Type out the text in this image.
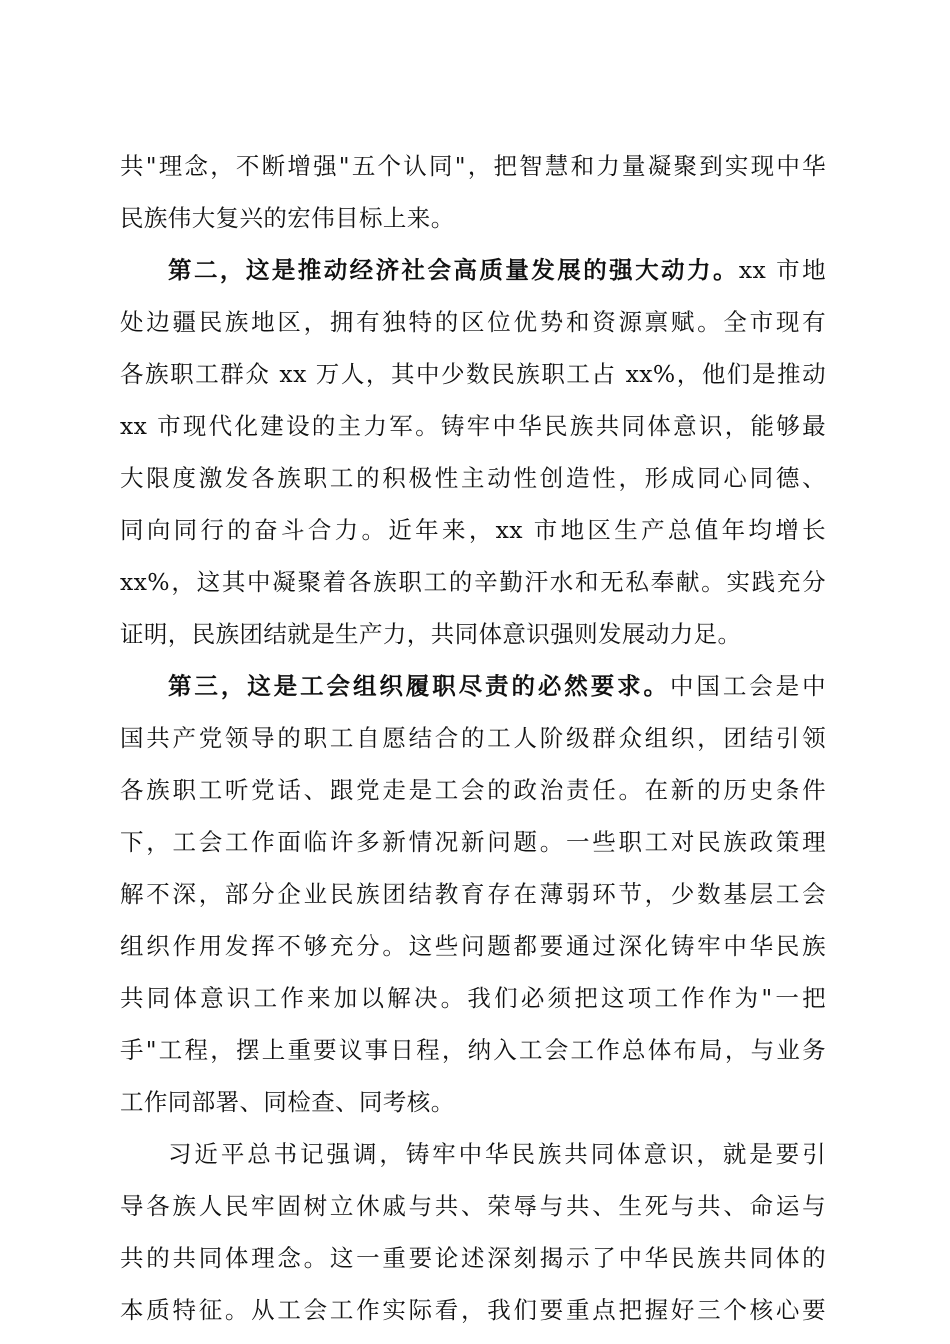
共"理念，不断增强"五个认同"，把智慧和力量凝聚到实现中华
民族伟大复兴的宏伟目标上来。
第二，这是推动经济社会高质量发展的强大动力。xx 市地
处边疆民族地区，拥有独特的区位优势和资源禀赋。全市现有
各族职工群众 xx 万人，其中少数民族职工占 xx%，他们是推动
xx 市现代化建设的主力军。铸牢中华民族共同体意识，能够最
大限度激发各族职工的积极性主动性创造性，形成同心同德、
同向同行的奋斗合力。近年来，xx 市地区生产总值年均增长
xx%，这其中凝聚着各族职工的辛勤汗水和无私奉献。实践充分
证明，民族团结就是生产力，共同体意识强则发展动力足。
第三，这是工会组织履职尽责的必然要求。中国工会是中
国共产党领导的职工自愿结合的工人阶级群众组织，团结引领
各族职工听党话、跟党走是工会的政治责任。在新的历史条件
下，工会工作面临许多新情况新问题。一些职工对民族政策理
解不深，部分企业民族团结教育存在薄弱环节，少数基层工会
组织作用发挥不够充分。这些问题都要通过深化铸牢中华民族
共同体意识工作来加以解决。我们必须把这项工作作为"一把
手"工程，摆上重要议事日程，纳入工会工作总体布局，与业务
工作同部署、同检查、同考核。
习近平总书记强调，铸牢中华民族共同体意识，就是要引
导各族人民牢固树立休戚与共、荣辱与共、生死与共、命运与
共的共同体理念。这一重要论述深刻揭示了中华民族共同体的
本质特征。从工会工作实际看，我们要重点把握好三个核心要
